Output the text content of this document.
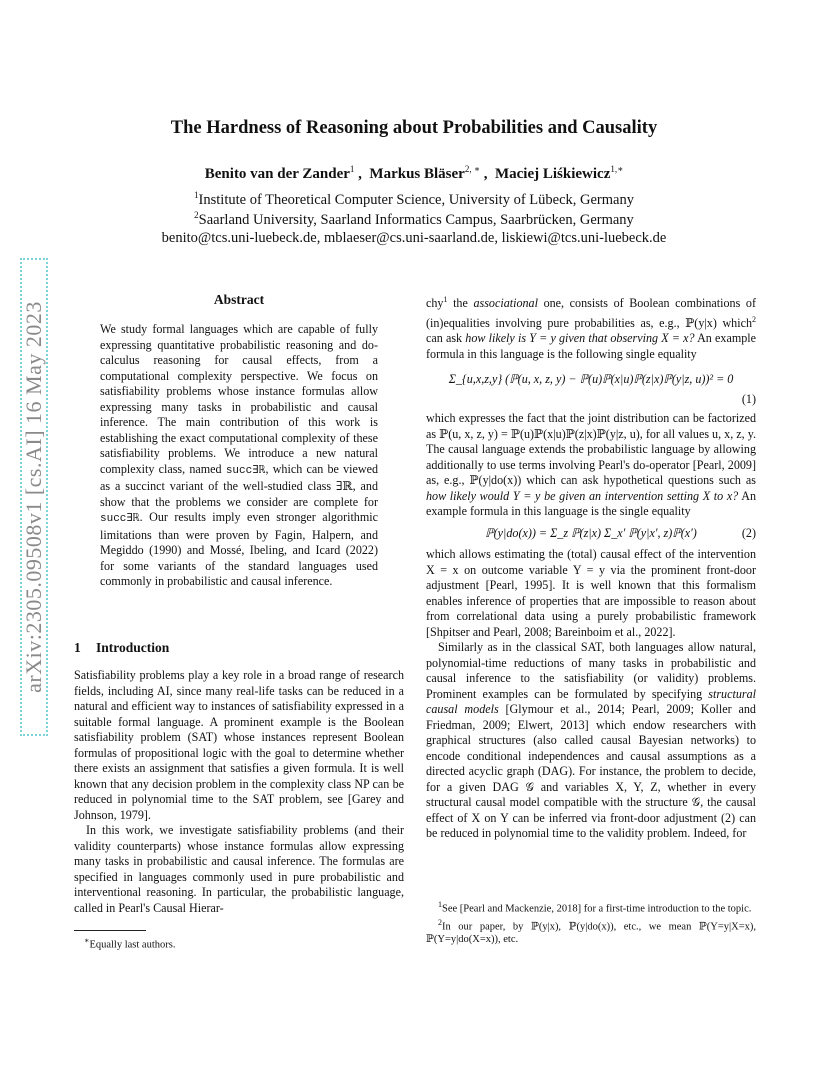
arXiv:2305.09508v1 [cs.AI] 16 May 2023
The Hardness of Reasoning about Probabilities and Causality
Benito van der Zander$^1$ ,  Markus Bläser$^{2, ∗}$ ,  Maciej Liśkiewicz$^{1,∗}$
$^1$Institute of Theoretical Computer Science, University of Lübeck, Germany
$^2$Saarland University, Saarland Informatics Campus, Saarbrücken, Germany
benito@tcs.uni-luebeck.de, mblaeser@cs.uni-saarland.de, liskiewi@tcs.uni-luebeck.de
Abstract

We study formal languages which are capable of fully expressing quantitative probabilistic reasoning and do-calculus reasoning for causal effects, from a computational complexity perspective. We focus on satisfiability problems whose instance formulas allow expressing many tasks in probabilistic and causal inference. The main contribution of this work is establishing the exact computational complexity of these satisfiability problems. We introduce a new natural complexity class, named succ∃ℝ, which can be viewed as a succinct variant of the well-studied class ∃ℝ, and show that the problems we consider are complete for succ∃ℝ. Our results imply even stronger algorithmic limitations than were proven by Fagin, Halpern, and Megiddo (1990) and Mossé, Ibeling, and Icard (2022) for some variants of the standard languages used commonly in probabilistic and causal inference.

1 Introduction

Satisfiability problems play a key role in a broad range of research fields, including AI, since many real-life tasks can be reduced in a natural and efficient way to instances of satisfiability expressed in a suitable formal language. A prominent example is the Boolean satisfiability problem (SAT) whose instances represent Boolean formulas of propositional logic with the goal to determine whether there exists an assignment that satisfies a given formula. It is well known that any decision problem in the complexity class NP can be reduced in polynomial time to the SAT problem, see [Garey and Johnson, 1979].

In this work, we investigate satisfiability problems (and their validity counterparts) whose instance formulas allow expressing many tasks in probabilistic and causal inference. The formulas are specified in languages commonly used in pure probabilistic and interventional reasoning. In particular, the probabilistic language, called in Pearl's Causal Hierar-

chy$^1$ the associational one, consists of Boolean combinations of (in)equalities involving pure probabilities as, e.g., ℙ(y|x) which$^2$ can ask how likely is Y = y given that observing X = x? An example formula in this language is the following single equality

Σ_{u,x,z,y} (ℙ(u, x, z, y) − ℙ(u)ℙ(x|u)ℙ(z|x)ℙ(y|z, u))² = 0
(1)

which expresses the fact that the joint distribution can be factorized as ℙ(u, x, z, y) = ℙ(u)ℙ(x|u)ℙ(z|x)ℙ(y|z, u), for all values u, x, z, y. The causal language extends the probabilistic language by allowing additionally to use terms involving Pearl's do-operator [Pearl, 2009] as, e.g., ℙ(y|do(x)) which can ask hypothetical questions such as how likely would Y = y be given an intervention setting X to x? An example formula in this language is the single equality

ℙ(y|do(x)) = Σ_z ℙ(z|x) Σ_x′ ℙ(y|x′, z)ℙ(x′)	(2)

which allows estimating the (total) causal effect of the intervention X = x on outcome variable Y = y via the prominent front-door adjustment [Pearl, 1995]. It is well known that this formalism enables inference of properties that are impossible to reason about from correlational data using a purely probabilistic framework [Shpitser and Pearl, 2008; Bareinboim et al., 2022].

Similarly as in the classical SAT, both languages allow natural, polynomial-time reductions of many tasks in probabilistic and causal inference to the satisfiability (or validity) problems. Prominent examples can be formulated by specifying structural causal models [Glymour et al., 2014; Pearl, 2009; Koller and Friedman, 2009; Elwert, 2013] which endow researchers with graphical structures (also called causal Bayesian networks) to encode conditional independences and causal assumptions as a directed acyclic graph (DAG). For instance, the problem to decide, for a given DAG 𝒢 and variables X, Y, Z, whether in every structural causal model compatible with the structure 𝒢, the causal effect of X on Y can be inferred via front-door adjustment (2) can be reduced in polynomial time to the validity problem. Indeed, for

∗Equally last authors.

$^1$See [Pearl and Mackenzie, 2018] for a first-time introduction to the topic.

$^2$In our paper, by ℙ(y|x), ℙ(y|do(x)), etc., we mean ℙ(Y=y|X=x), ℙ(Y=y|do(X=x)), etc.
